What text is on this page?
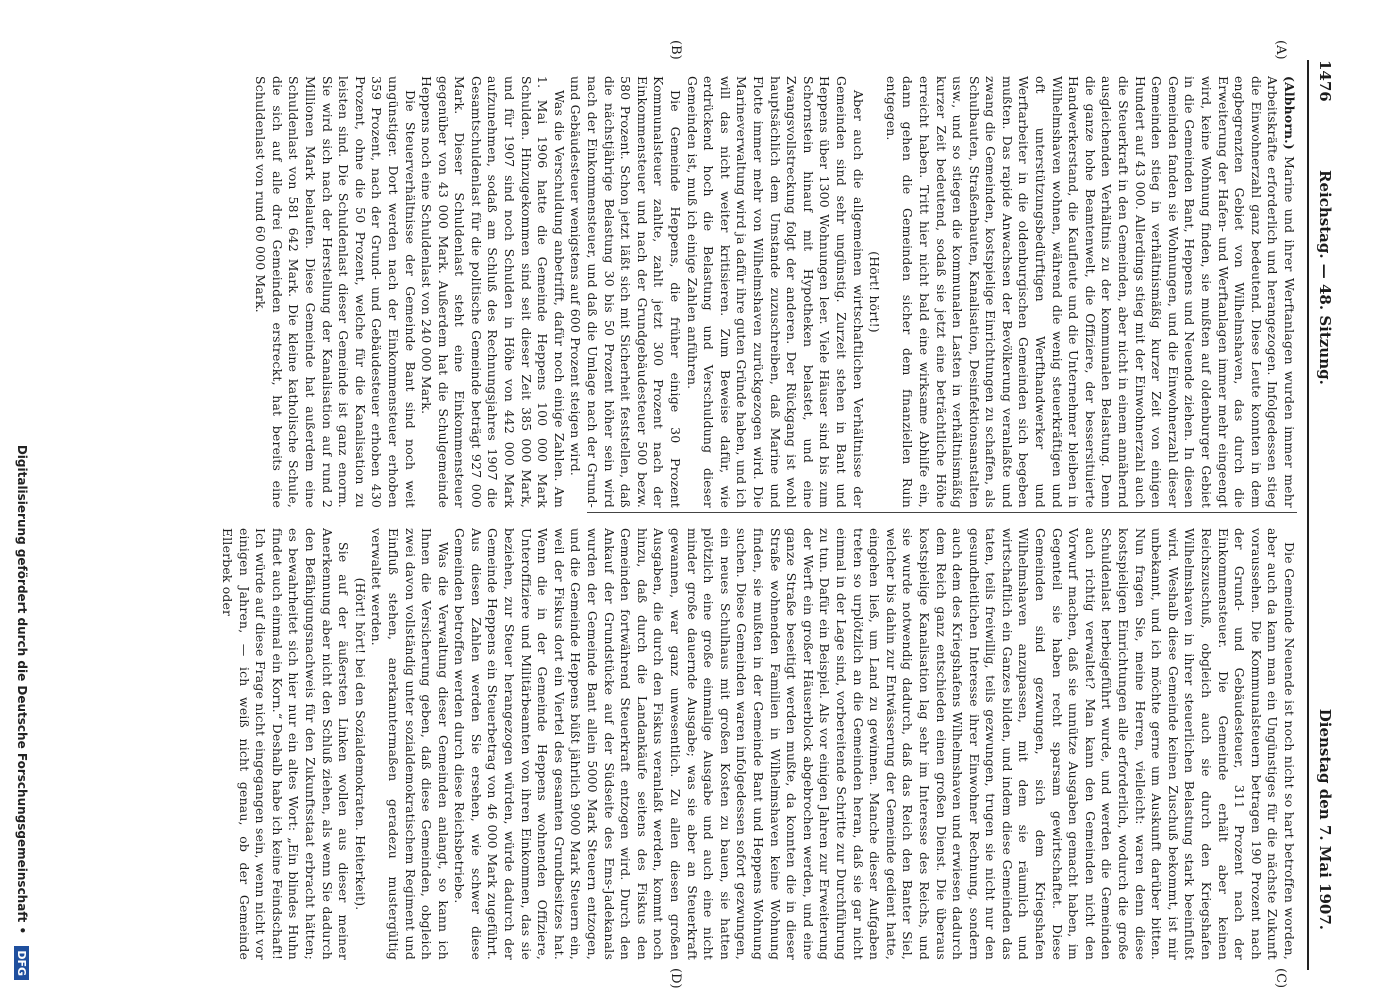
1476
Reichstag. — 48. Sitzung.
Dienstag den 7. Mai 1907.
(A)
(B)
(C)
(D)

(Albhorn.) Marine und ihrer Werftanlagen wurden immer mehr Arbeitskräfte erforderlich und herangezogen. Infolgedessen stieg die Einwohnerzahl ganz bedeutend. Diese Leute konnten in dem engbegrenzten Gebiet von Wilhelmshaven, das durch die Erweiterung der Hafen- und Werftanlagen immer mehr eingeengt wird, keine Wohnung finden, sie mußten auf oldenburger Gebiet in die Gemeinden Bant, Heppens und Neuende ziehen. In diesen Gemeinden fanden sie Wohnungen, und die Einwohnerzahl dieser Gemeinden stieg in verhältnismäßig kurzer Zeit von einigen Hundert auf 43 000. Allerdings stieg mit der Einwohnerzahl auch die Steuerkraft in den Gemeinden, aber nicht in einem annähernd ausgleichenden Verhältnis zu der kommunalen Belastung. Denn die ganze hohe Beamtenwelt, die Offiziere, der bessersituierte Handwerkerstand, die Kaufleute und die Unternehmer bleiben in Wilhelmshaven wohnen, während die wenig steuerkräftigen und oft unterstützungsbedürftigen Werfthandwerker und Werftarbeiter in die oldenburgischen Gemeinden sich begeben mußten. Das rapide Anwachsen der Bevölkerung veranlaßte und zwang die Gemeinden, kostspielige Einrichtungen zu schaffen, als Schulbauten, Straßenbauten, Kanalisation, Desinfektionsanstalten usw., und so stiegen die kommunalen Lasten in verhältnismäßig kurzer Zeit bedeutend, sodaß sie jetzt eine beträchtliche Höhe erreicht haben. Tritt hier nicht bald eine wirksame Abhilfe ein, dann gehen die Gemeinden sicher dem finanziellen Ruin entgegen.

(Hört! hört!)

Aber auch die allgemeinen wirtschaftlichen Verhältnisse der Gemeinden sind sehr ungünstig. Zurzeit stehen in Bant und Heppens über 1300 Wohnungen leer. Viele Häuser sind bis zum Schornstein hinauf mit Hypotheken belastet, und eine Zwangsvollstreckung folgt der anderen. Der Rückgang ist wohl hauptsächlich dem Umstande zuzuschreiben, daß Marine und Flotte immer mehr von Wilhelmshaven zurückgezogen wird. Die Marineverwaltung wird ja dafür ihre guten Gründe haben, und ich will das nicht weiter kritisieren. Zum Beweise dafür, wie erdrückend hoch die Belastung und Verschuldung dieser Gemeinden ist, muß ich einige Zahlen anführen.

Die Gemeinde Heppens, die früher einige 30 Prozent Kommunalsteuer zahlte, zahlt jetzt 300 Prozent nach der Einkommensteuer und nach der Grundgebäudesteuer 500 bezw. 580 Prozent. Schon jetzt läßt sich mit Sicherheit feststellen, daß die nächstjährige Belastung 30 bis 50 Prozent höher sein wird nach der Einkommensteuer, und daß die Umlage nach der Grund- und Gebäudesteuer wenigstens auf 600 Prozent steigen wird.

Was die Verschuldung anbetrifft, dafür noch einige Zahlen. Am 1. Mai 1906 hatte die Gemeinde Heppens 100 000 Mark Schulden. Hinzugekommen sind seit dieser Zeit 385 000 Mark, und für 1907 sind noch Schulden in Höhe von 442 000 Mark aufzunehmen, sodaß am Schluß des Rechnungsjahres 1907 die Gesamtschuldenlast für die politische Gemeinde beträgt 927 000 Mark. Dieser Schuldenlast steht eine Einkommensteuer gegenüber von 43 000 Mark. Außerdem hat die Schulgemeinde Heppens noch eine Schuldenlast von 240 000 Mark.

Die Steuerverhältnisse der Gemeinde Bant sind noch weit ungünstiger. Dort werden nach der Einkommensteuer erhoben 359 Prozent, nach der Grund- und Gebäudesteuer erhoben 430 Prozent, ohne die 50 Prozent, welche für die Kanalisation zu leisten sind. Die Schuldenlast dieser Gemeinde ist ganz enorm. Sie wird sich nach der Herstellung der Kanalisation auf rund 2 Millionen Mark belaufen. Diese Gemeinde hat außerdem eine Schuldenlast von 581 642 Mark. Die kleine katholische Schule, die sich auf alle drei Gemeinden erstreckt, hat bereits eine Schuldenlast von rund 60 000 Mark.

Die Gemeinde Neuende ist noch nicht so hart betroffen worden, aber auch da kann man ein Ungünstiges für die nächste Zukunft voraussehen. Die Kommunalsteuern betragen 190 Prozent nach der Grund- und Gebäudesteuer, 311 Prozent nach der Einkommensteuer. Die Gemeinde erhält aber keinen Reichszuschuß, obgleich auch sie durch den Kriegshafen Wilhelmshaven in ihrer steuerlichen Belastung stark beeinflußt wird. Weshalb diese Gemeinde keinen Zuschuß bekommt, ist mir unbekannt, und ich möchte gerne um Auskunft darüber bitten. Nun fragen Sie, meine Herren, vielleicht: waren denn diese kostspieligen Einrichtungen alle erforderlich, wodurch die große Schuldenlast herbeigeführt wurde, und werden die Gemeinden auch richtig verwaltet? Man kann den Gemeinden nicht den Vorwurf machen, daß sie unnütze Ausgaben gemacht haben, im Gegenteil sie haben recht sparsam gewirtschaftet. Diese Gemeinden sind gezwungen, sich dem Kriegshafen Wilhelmshaven anzupassen, mit dem sie räumlich und wirtschaftlich ein Ganzes bilden, und indem diese Gemeinden das taten, teils freiwillig, teils gezwungen, trugen sie nicht nur den gesundheitlichen Interesse ihrer Einwohner Rechnung, sondern auch dem des Kriegshafens Wilhelmshaven und erwiesen dadurch dem Reich ganz entschieden einen großen Dienst. Die überaus kostspielige Kanalisation lag sehr im Interesse des Reichs, und sie wurde notwendig dadurch, daß das Reich den Banter Siel, welcher bis dahin zur Entwässerung der Gemeinde gedient hatte, eingehen ließ, um Land zu gewinnen. Manche dieser Aufgaben treten so urplötzlich an die Gemeinden heran, daß sie gar nicht einmal in der Lage sind, vorbereitende Schritte zur Durchführung zu tun. Dafür ein Beispiel. Als vor einigen Jahren zur Erweiterung der Werft ein großer Häuserblock abgebrochen werden, und eine ganze Straße beseitigt werden mußte, da konnten die in dieser Straße wohnenden Familien in Wilhelmshaven keine Wohnung finden, sie mußten in der Gemeinde Bant und Heppens Wohnung suchen. Diese Gemeinden waren infolgedessen sofort gezwungen, ein neues Schulhaus mit großen Kosten zu bauen, sie hatten plötzlich eine große einmalige Ausgabe und auch eine nicht minder große dauernde Ausgabe; was sie aber an Steuerkraft gewannen, war ganz unwesentlich. Zu allen diesen großen Ausgaben, die durch den Fiskus veranlaßt werden, kommt noch hinzu, daß durch die Landankäufe seitens des Fiskus den Gemeinden fortwährend Steuerkraft entzogen wird. Durch den Ankauf der Grundstücke auf der Südseite des Ems-Jadekanals wurden der Gemeinde Bant allein 5000 Mark Steuern entzogen, und die Gemeinde Heppens büßt jährlich 9000 Mark Steuern ein, weil der Fiskus dort ein Viertel des gesamten Grundbesitzes hat. Wenn die in der Gemeinde Heppens wohnenden Offiziere, Unteroffiziere und Militärbeamten von ihren Einkommen, das sie beziehen, zur Steuer herangezogen würden, würde dadurch der Gemeinde Heppens ein Steuerbetrag von 46 000 Mark zugeführt. Aus diesen Zahlen werden Sie ersehen, wie schwer diese Gemeinden betroffen werden durch diese Reichsbetriebe.

Was die Verwaltung dieser Gemeinden anlangt, so kann ich Ihnen die Versicherung geben, daß diese Gemeinden, obgleich zwei davon vollständig unter sozialdemokratischem Regiment und Einfluß stehen, anerkanntermaßen geradezu mustergültig verwaltet werden.

(Hört! hört! bei den Sozialdemokraten. Heiterkeit).

Sie auf der äußersten Linken wollen aus dieser meiner Anerkennung aber nicht den Schluß ziehen, als wenn Sie dadurch den Befähigungsnachweis für den Zukunftsstaat erbracht hätten; es bewahrheitet sich hier nur ein altes Wort: „Ein blindes Huhn findet auch einmal ein Korn.“ Deshalb habe ich keine Feindschaft! Ich würde auf diese Frage nicht eingegangen sein, wenn nicht vor einigen Jahren, — ich weiß nicht genau, ob der Gemeinde Ellerbek oder

Digitalisierung gefördert durch die Deutsche Forschungsgemeinschaft • DFG
